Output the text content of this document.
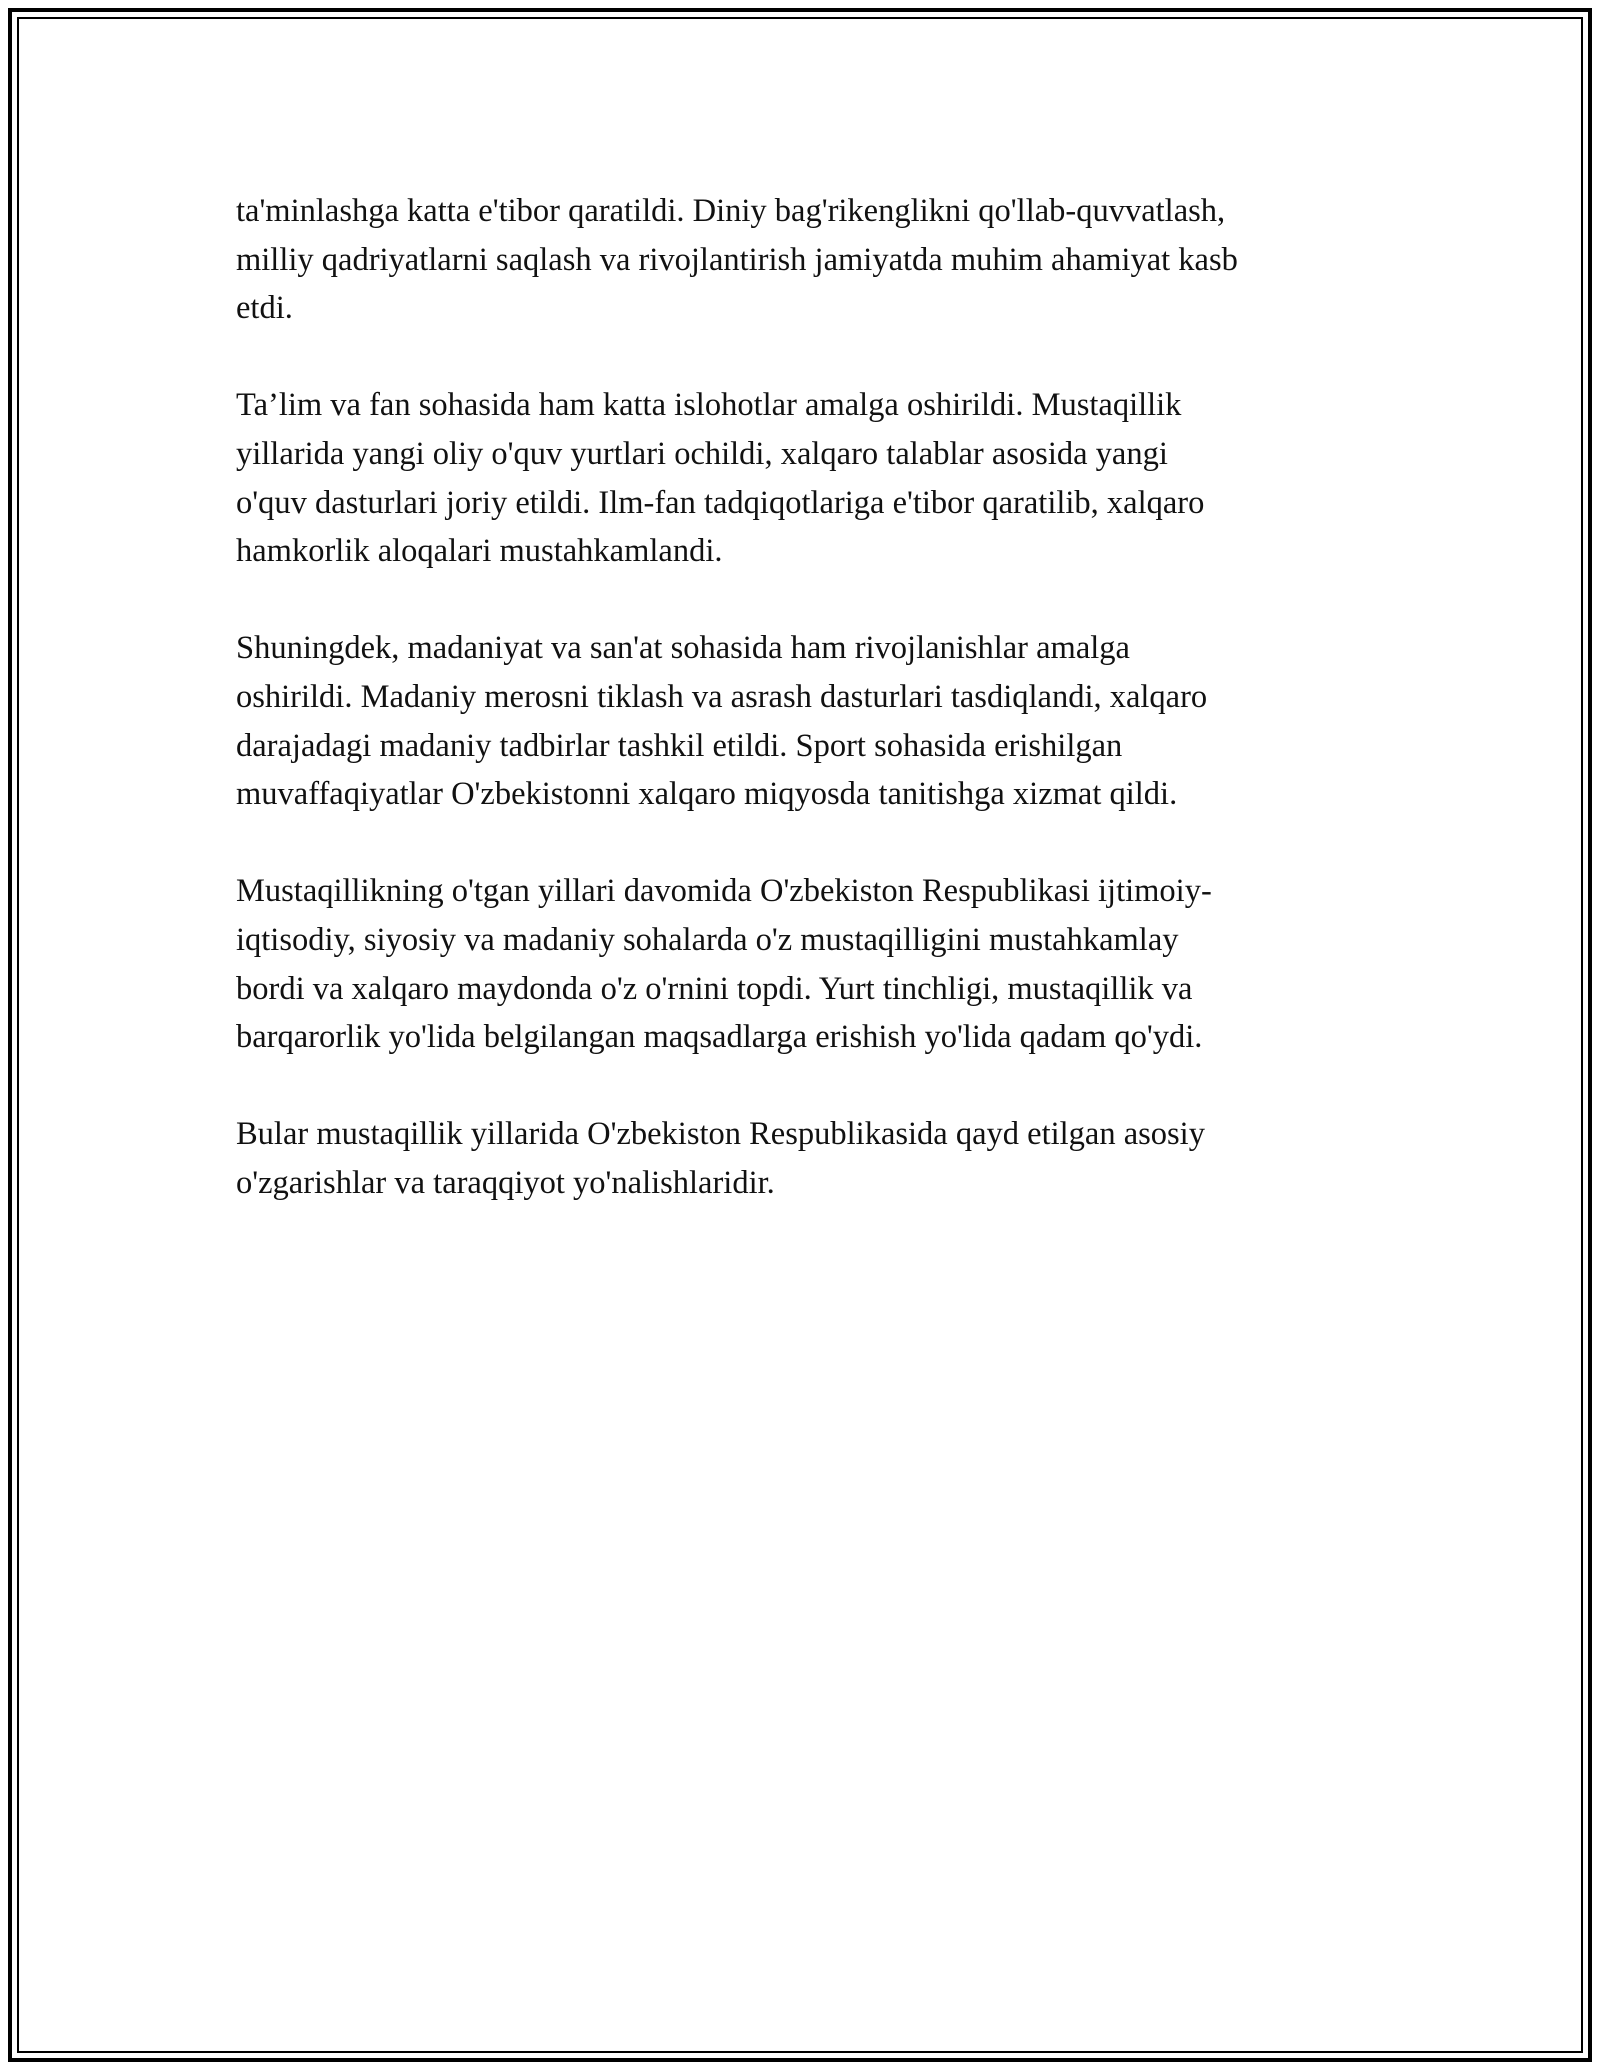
ta'minlashga katta e'tibor qaratildi. Diniy bag'rikenglikni qo'llab-quvvatlash,
milliy qadriyatlarni saqlash va rivojlantirish jamiyatda muhim ahamiyat kasb
etdi.

Ta’lim va fan sohasida ham katta islohotlar amalga oshirildi. Mustaqillik
yillarida yangi oliy o'quv yurtlari ochildi, xalqaro talablar asosida yangi
o'quv dasturlari joriy etildi. Ilm-fan tadqiqotlariga e'tibor qaratilib, xalqaro
hamkorlik aloqalari mustahkamlandi.

Shuningdek, madaniyat va san'at sohasida ham rivojlanishlar amalga
oshirildi. Madaniy merosni tiklash va asrash dasturlari tasdiqlandi, xalqaro
darajadagi madaniy tadbirlar tashkil etildi. Sport sohasida erishilgan
muvaffaqiyatlar O'zbekistonni xalqaro miqyosda tanitishga xizmat qildi.

Mustaqillikning o'tgan yillari davomida O'zbekiston Respublikasi ijtimoiy-
iqtisodiy, siyosiy va madaniy sohalarda o'z mustaqilligini mustahkamlay
bordi va xalqaro maydonda o'z o'rnini topdi. Yurt tinchligi, mustaqillik va
barqarorlik yo'lida belgilangan maqsadlarga erishish yo'lida qadam qo'ydi.

Bular mustaqillik yillarida O'zbekiston Respublikasida qayd etilgan asosiy
o'zgarishlar va taraqqiyot yo'nalishlaridir.
